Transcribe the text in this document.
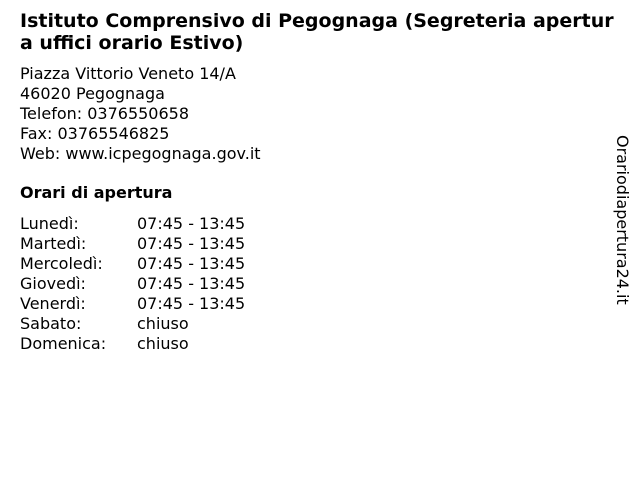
Istituto Comprensivo di Pegognaga (Segreteria apertura uffici orario Estivo)
Piazza Vittorio Veneto 14/A
46020 Pegognaga
Telefon: 0376550658
Fax: 03765546825
Web: www.icpegognaga.gov.it
Orari di apertura
Lunedì:	07:45 - 13:45
Martedì:	07:45 - 13:45
Mercoledì:	07:45 - 13:45
Giovedì:	07:45 - 13:45
Venerdì:	07:45 - 13:45
Sabato:	chiuso
Domenica:	chiuso
Orariodiapertura24.it
